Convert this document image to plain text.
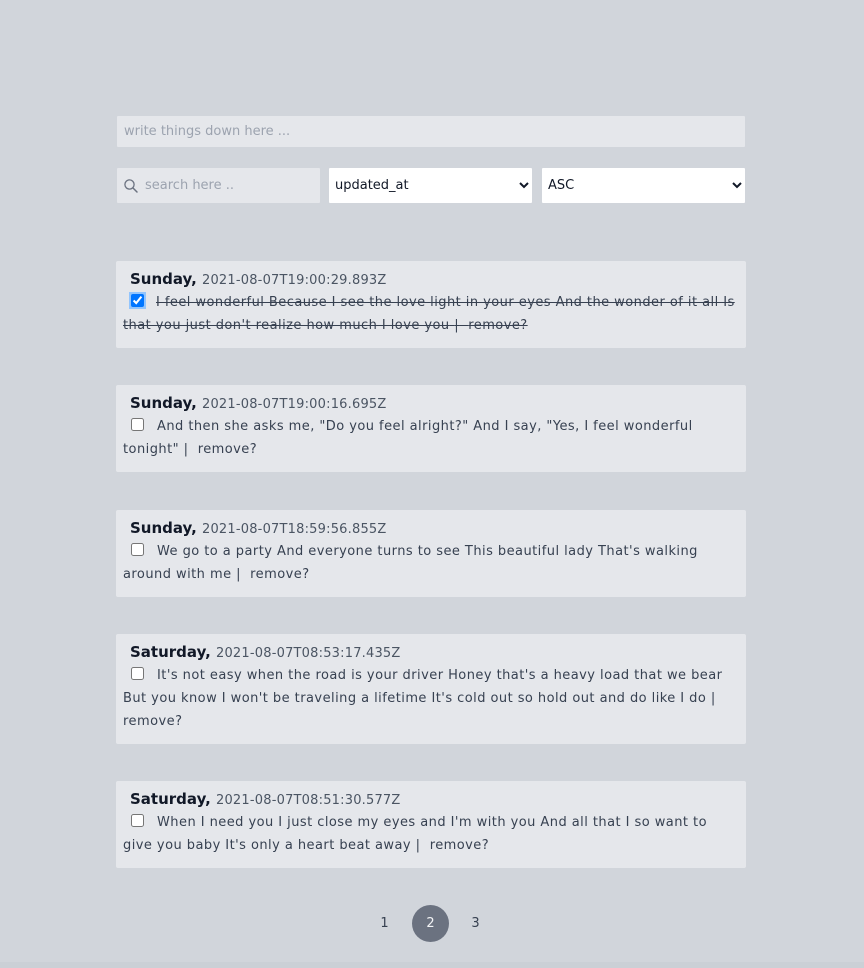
write things down here ...
search here ..
updated_at
ASC
Sunday, 2021-08-07T19:00:29.893Z
I feel wonderful Because I see the love light in your eyes And the wonder of it all Is that you just don't realize how much I love you | remove?
Sunday, 2021-08-07T19:00:16.695Z
And then she asks me, "Do you feel alright?" And I say, "Yes, I feel wonderful tonight" | remove?
Sunday, 2021-08-07T18:59:56.855Z
We go to a party And everyone turns to see This beautiful lady That's walking around with me | remove?
Saturday, 2021-08-07T08:53:17.435Z
It's not easy when the road is your driver Honey that's a heavy load that we bear But you know I won't be traveling a lifetime It's cold out so hold out and do like I do |  remove?
Saturday, 2021-08-07T08:51:30.577Z
When I need you I just close my eyes and I'm with you And all that I so want to give you baby It's only a heart beat away | remove?
1	2	3
